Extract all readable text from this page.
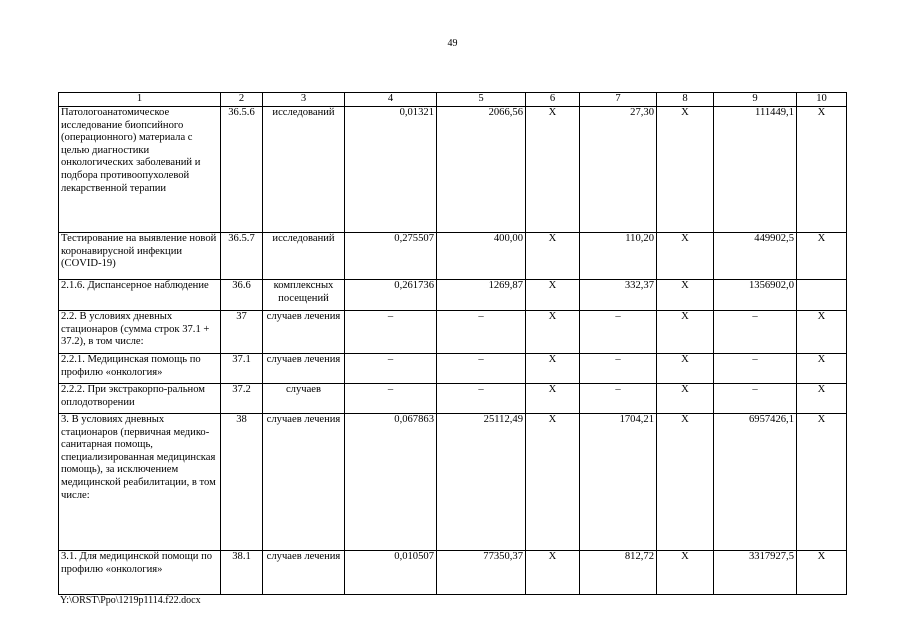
49
1	2	3	4	5	6	7	8	9	10
Патологоанатомическое исследование биопсийного (операционного) материала с целью диагностики онкологических заболеваний и подбора противоопухолевой лекарственной терапии	36.5.6	исследований	0,01321	2066,56	X	27,30	X	111449,1	X
Тестирование на выявление новой коронавирусной инфекции (COVID-19)	36.5.7	исследований	0,275507	400,00	X	110,20	X	449902,5	X
2.1.6. Диспансерное наблюдение	36.6	комплексных посещений	0,261736	1269,87	X	332,37	X	1356902,0	
2.2. В условиях дневных стационаров (сумма строк 37.1 + 37.2), в том числе:	37	случаев лечения	–	–	X	–	X	–	X
2.2.1. Медицинская помощь по профилю «онкология»	37.1	случаев лечения	–	–	X	–	X	–	X
2.2.2. При экстракорпо-ральном оплодотворении	37.2	случаев	–	–	X	–	X	–	X
3. В условиях дневных стационаров (первичная медико-санитарная помощь, специализированная медицинская помощь), за исключением медицинской реабилитации, в том числе:	38	случаев лечения	0,067863	25112,49	X	1704,21	X	6957426,1	X
3.1. Для медицинской помощи по профилю «онкология»	38.1	случаев лечения	0,010507	77350,37	X	812,72	X	3317927,5	X
Y:\ORST\Ppo\1219p1114.f22.docx
